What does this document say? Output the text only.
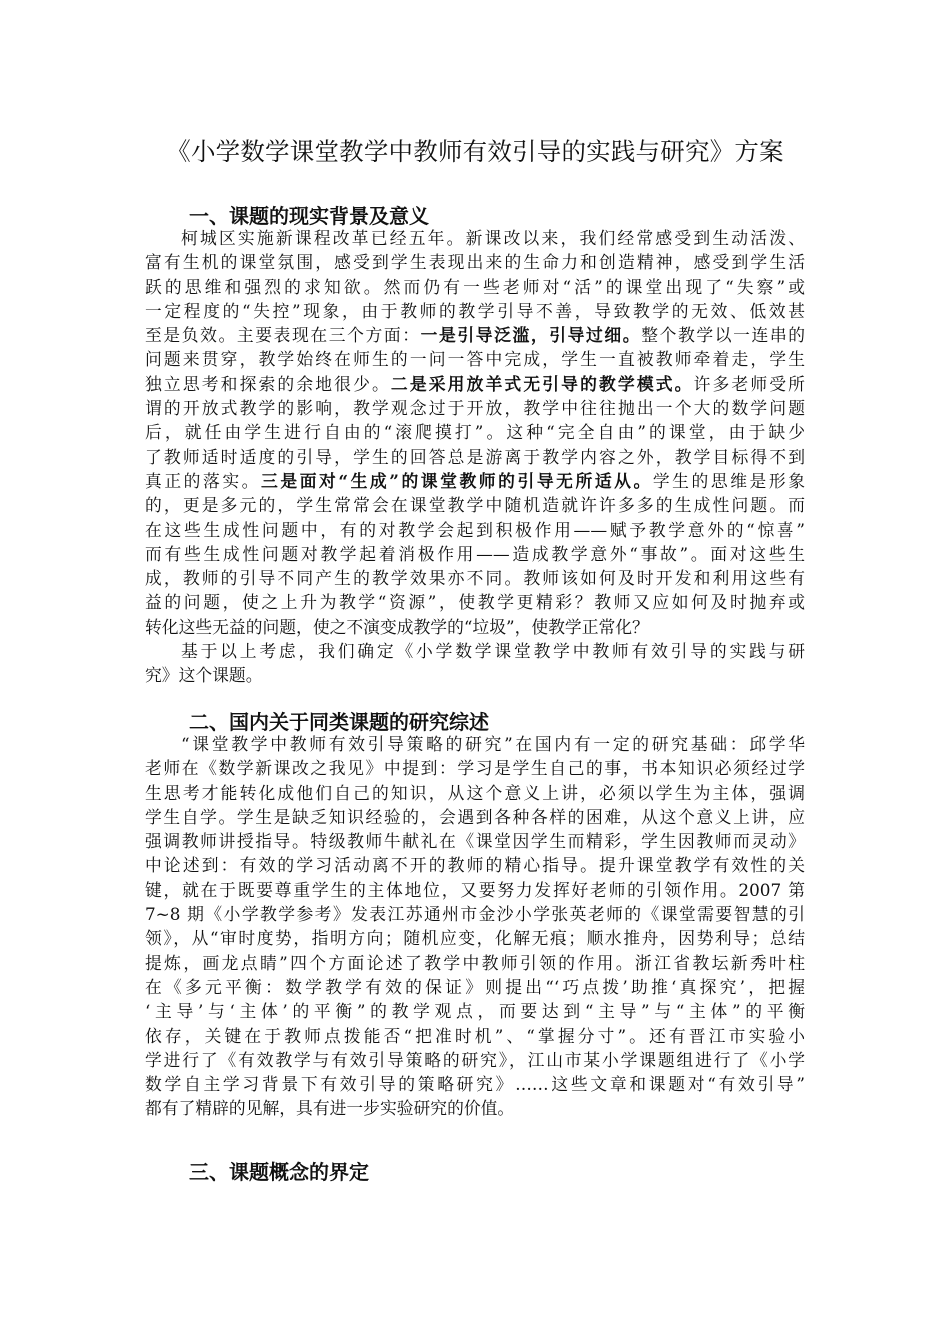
《小学数学课堂教学中教师有效引导的实践与研究》方案
一、课题的现实背景及意义
柯城区实施新课程改革已经五年。新课改以来，我们经常感受到生动活泼、
富有生机的课堂氛围，感受到学生表现出来的生命力和创造精神，感受到学生活
跃的思维和强烈的求知欲。然而仍有一些老师对“活”的课堂出现了“失察”或
一定程度的“失控”现象，由于教师的教学引导不善，导致教学的无效、低效甚
至是负效。主要表现在三个方面：一是引导泛滥，引导过细。整个教学以一连串的
问题来贯穿，教学始终在师生的一问一答中完成，学生一直被教师牵着走，学生
独立思考和探索的余地很少。二是采用放羊式无引导的教学模式。许多老师受所
谓的开放式教学的影响，教学观念过于开放，教学中往往抛出一个大的数学问题
后，就任由学生进行自由的“滚爬摸打”。这种“完全自由”的课堂，由于缺少
了教师适时适度的引导，学生的回答总是游离于教学内容之外，教学目标得不到
真正的落实。三是面对“生成”的课堂教师的引导无所适从。学生的思维是形象
的，更是多元的，学生常常会在课堂教学中随机造就许许多多的生成性问题。而
在这些生成性问题中，有的对教学会起到积极作用——赋予教学意外的“惊喜”
而有些生成性问题对教学起着消极作用——造成教学意外“事故”。面对这些生
成，教师的引导不同产生的教学效果亦不同。教师该如何及时开发和利用这些有
益的问题，使之上升为教学“资源”，使教学更精彩？教师又应如何及时抛弃或
转化这些无益的问题，使之不演变成教学的“垃圾”，使教学正常化？
基于以上考虑，我们确定《小学数学课堂教学中教师有效引导的实践与研
究》这个课题。
二、国内关于同类课题的研究综述
“课堂教学中教师有效引导策略的研究”在国内有一定的研究基础：邱学华
老师在《数学新课改之我见》中提到：学习是学生自己的事，书本知识必须经过学
生思考才能转化成他们自己的知识，从这个意义上讲，必须以学生为主体，强调
学生自学。学生是缺乏知识经验的，会遇到各种各样的困难，从这个意义上讲，应
强调教师讲授指导。特级教师牛献礼在《课堂因学生而精彩，学生因教师而灵动》
中论述到：有效的学习活动离不开的教师的精心指导。提升课堂教学有效性的关
键，就在于既要尊重学生的主体地位，又要努力发挥好老师的引领作用。2007 第
7~8 期《小学教学参考》发表江苏通州市金沙小学张英老师的《课堂需要智慧的引
领》，从“审时度势，指明方向；随机应变，化解无痕；顺水推舟，因势利导；总结
提炼，画龙点睛”四个方面论述了教学中教师引领的作用。浙江省教坛新秀叶柱
在《多元平衡：数学教学有效的保证》则提出“‘巧点拨’助推‘真探究’，把握
‘主导’与‘主体’的平衡”的教学观点，而要达到“主导”与“主体”的平衡
依存，关键在于教师点拨能否“把准时机”、“掌握分寸”。还有晋江市实验小
学进行了《有效教学与有效引导策略的研究》，江山市某小学课题组进行了《小学
数学自主学习背景下有效引导的策略研究》……这些文章和课题对“有效引导”
都有了精辟的见解，具有进一步实验研究的价值。
三、课题概念的界定
